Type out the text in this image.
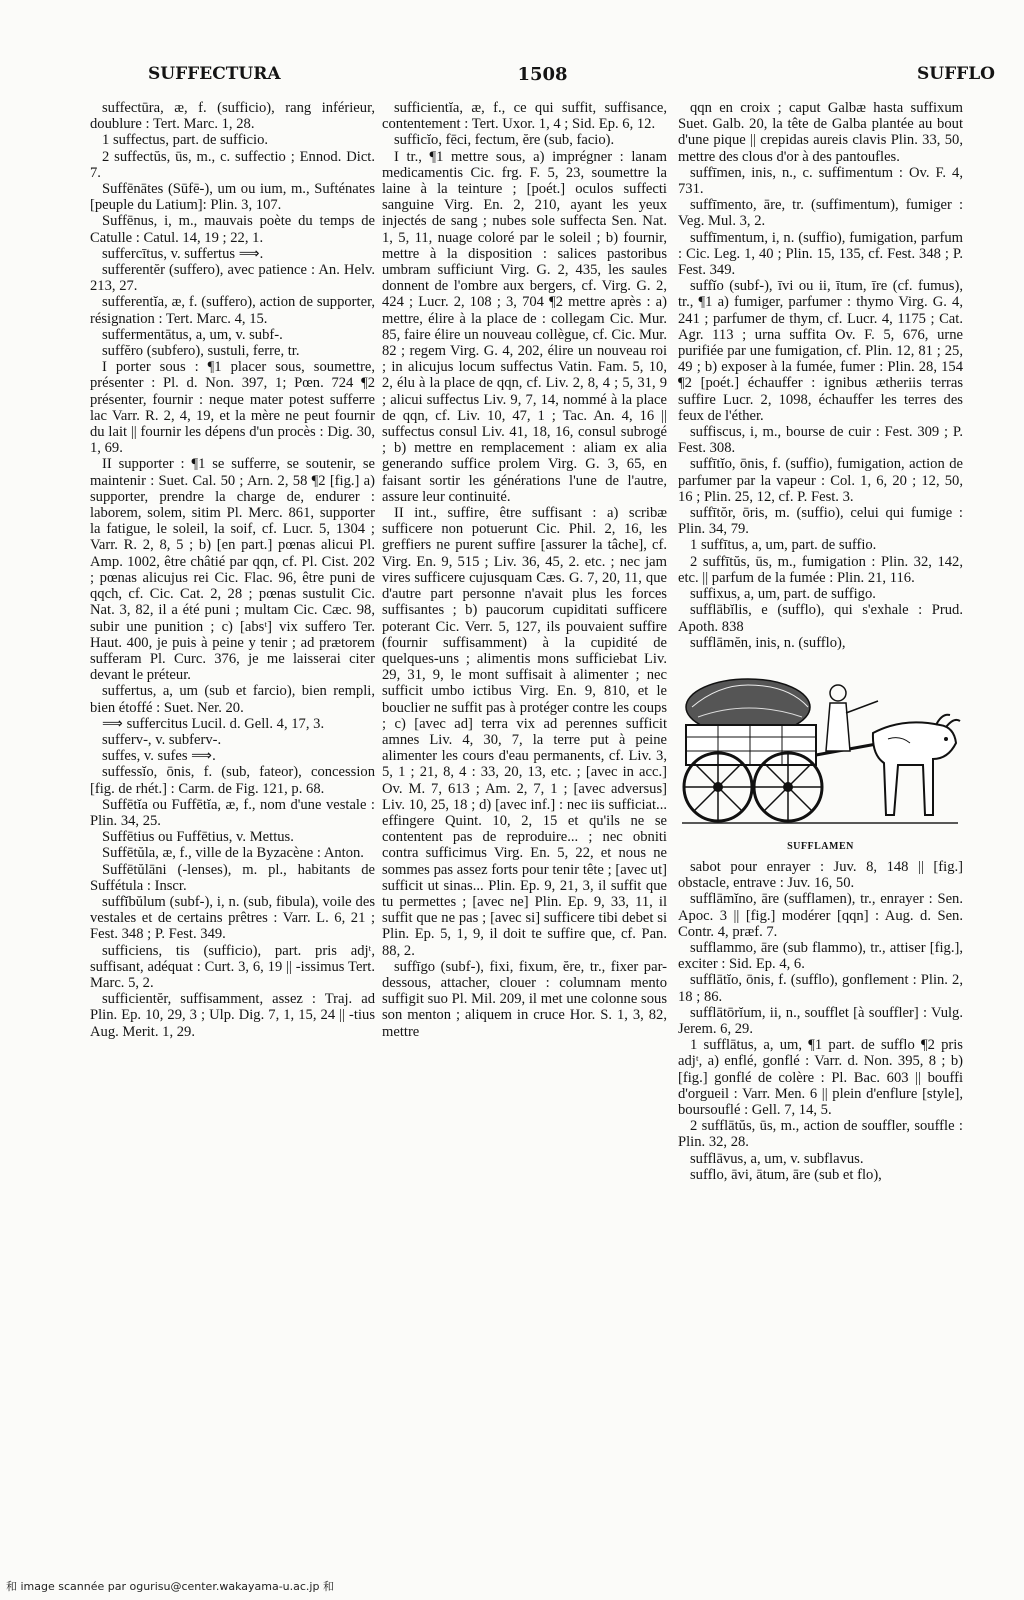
SUFFECTURA	1508	SUFFLO

suffectūra, æ, f. (sufficio), rang inférieur, doublure : Tert. Marc. 1, 28.

1 suffectus, part. de sufficio.

2 suffectŭs, ūs, m., c. suffectio ; Ennod. Dict. 7.

Suffēnātes (Sūfē-), um ou ium, m., Sufténates [peuple du Latium]: Plin. 3, 107.

Suffēnus, i, m., mauvais poète du temps de Catulle : Catul. 14, 19 ; 22, 1.

suffercītus, v. suffertus ⟹.

sufferentĕr (suffero), avec patience : An. Helv. 213, 27.

sufferentĭa, æ, f. (suffero), action de supporter, résignation : Tert. Marc. 4, 15.

suffermentātus, a, um, v. subf-.

suffĕro (subfero), sustuli, ferre, tr.

I porter sous : ¶1 placer sous, soumettre, présenter : Pl. d. Non. 397, 1; Pœn. 724 ¶2 présenter, fournir : neque mater potest sufferre lac Varr. R. 2, 4, 19, et la mère ne peut fournir du lait || fournir les dépens d'un procès : Dig. 30, 1, 69.

II supporter : ¶1 se sufferre, se soutenir, se maintenir : Suet. Cal. 50 ; Arn. 2, 58 ¶2 [fig.] a) supporter, prendre la charge de, endurer : laborem, solem, sitim Pl. Merc. 861, supporter la fatigue, le soleil, la soif, cf. Lucr. 5, 1304 ; Varr. R. 2, 8, 5 ; b) [en part.] pœnas alicui Pl. Amp. 1002, être châtié par qqn, cf. Pl. Cist. 202 ; pœnas alicujus rei Cic. Flac. 96, être puni de qqch, cf. Cic. Cat. 2, 28 ; pœnas sustulit Cic. Nat. 3, 82, il a été puni ; multam Cic. Cæc. 98, subir une punition ; c) [absᵗ] vix suffero Ter. Haut. 400, je puis à peine y tenir ; ad prætorem sufferam Pl. Curc. 376, je me laisserai citer devant le préteur.

suffertus, a, um (sub et farcio), bien rempli, bien étoffé : Suet. Ner. 20.

⟹ suffercitus Lucil. d. Gell. 4, 17, 3.

sufferv-, v. subferv-.

suffes, v. sufes ⟹.

suffessĭo, ōnis, f. (sub, fateor), concession [fig. de rhét.] : Carm. de Fig. 121, p. 68.

Suffētĭa ou Fuffētĭa, æ, f., nom d'une vestale : Plin. 34, 25.

Suffētius ou Fuffētius, v. Mettus.

Suffētŭla, æ, f., ville de la Byzacène : Anton.

Suffētŭlāni (-lenses), m. pl., habitants de Suffétula : Inscr.

suffĭbŭlum (subf-), i, n. (sub, fibula), voile des vestales et de certains prêtres : Varr. L. 6, 21 ; Fest. 348 ; P. Fest. 349.

sufficiens, tis (sufficio), part. pris adjᵗ, suffisant, adéquat : Curt. 3, 6, 19 || -issimus Tert. Marc. 5, 2.

sufficientĕr, suffisamment, assez : Traj. ad Plin. Ep. 10, 29, 3 ; Ulp. Dig. 7, 1, 15, 24 || -tius Aug. Merit. 1, 29.

sufficientĭa, æ, f., ce qui suffit, suffisance, contentement : Tert. Uxor. 1, 4 ; Sid. Ep. 6, 12.

sufficĭo, fēci, fectum, ĕre (sub, facio).

I tr., ¶1 mettre sous, a) imprégner : lanam medicamentis Cic. frg. F. 5, 23, soumettre la laine à la teinture ; [poét.] oculos suffecti sanguine Virg. En. 2, 210, ayant les yeux injectés de sang ; nubes sole suffecta Sen. Nat. 1, 5, 11, nuage coloré par le soleil ; b) fournir, mettre à la disposition : salices pastoribus umbram sufficiunt Virg. G. 2, 435, les saules donnent de l'ombre aux bergers, cf. Virg. G. 2, 424 ; Lucr. 2, 108 ; 3, 704 ¶2 mettre après : a) mettre, élire à la place de : collegam Cic. Mur. 85, faire élire un nouveau collègue, cf. Cic. Mur. 82 ; regem Virg. G. 4, 202, élire un nouveau roi ; in alicujus locum suffectus Vatin. Fam. 5, 10, 2, élu à la place de qqn, cf. Liv. 2, 8, 4 ; 5, 31, 9 ; alicui suffectus Liv. 9, 7, 14, nommé à la place de qqn, cf. Liv. 10, 47, 1 ; Tac. An. 4, 16 || suffectus consul Liv. 41, 18, 16, consul subrogé ; b) mettre en remplacement : aliam ex alia generando suffice prolem Virg. G. 3, 65, en faisant sortir les générations l'une de l'autre, assure leur continuité.

II int., suffire, être suffisant : a) scribæ sufficere non potuerunt Cic. Phil. 2, 16, les greffiers ne purent suffire [assurer la tâche], cf. Virg. En. 9, 515 ; Liv. 36, 45, 2. etc. ; nec jam vires sufficere cujusquam Cæs. G. 7, 20, 11, que d'autre part personne n'avait plus les forces suffisantes ; b) paucorum cupiditati sufficere poterant Cic. Verr. 5, 127, ils pouvaient suffire (fournir suffisamment) à la cupidité de quelques-uns ; alimentis mons sufficiebat Liv. 29, 31, 9, le mont suffisait à alimenter ; nec sufficit umbo ictibus Virg. En. 9, 810, et le bouclier ne suffit pas à protéger contre les coups ; c) [avec ad] terra vix ad perennes sufficit amnes Liv. 4, 30, 7, la terre put à peine alimenter les cours d'eau permanents, cf. Liv. 3, 5, 1 ; 21, 8, 4 : 33, 20, 13, etc. ; [avec in acc.] Ov. M. 7, 613 ; Am. 2, 7, 1 ; [avec adversus] Liv. 10, 25, 18 ; d) [avec inf.] : nec iis sufficiat... effingere Quint. 10, 2, 15 et qu'ils ne se contentent pas de reproduire... ; nec obniti contra sufficimus Virg. En. 5, 22, et nous ne sommes pas assez forts pour tenir tête ; [avec ut] sufficit ut sinas... Plin. Ep. 9, 21, 3, il suffit que tu permettes ; [avec ne] Plin. Ep. 9, 33, 11, il suffit que ne pas ; [avec si] sufficere tibi debet si Plin. Ep. 5, 1, 9, il doit te suffire que, cf. Pan. 88, 2.

suffīgo (subf-), fixi, fixum, ĕre, tr., fixer par-dessous, attacher, clouer : columnam mento suffigit suo Pl. Mil. 209, il met une colonne sous son menton ; aliquem in cruce Hor. S. 1, 3, 82, mettre

qqn en croix ; caput Galbæ hasta suffixum Suet. Galb. 20, la tête de Galba plantée au bout d'une pique || crepidas aureis clavis Plin. 33, 50, mettre des clous d'or à des pantoufles.

suffīmen, inis, n., c. suffimentum : Ov. F. 4, 731.

suffīmento, āre, tr. (suffimentum), fumiger : Veg. Mul. 3, 2.

suffīmentum, i, n. (suffio), fumigation, parfum : Cic. Leg. 1, 40 ; Plin. 15, 135, cf. Fest. 348 ; P. Fest. 349.

suffĭo (subf-), īvi ou ii, ītum, īre (cf. fumus), tr., ¶1 a) fumiger, parfumer : thymo Virg. G. 4, 241 ; parfumer de thym, cf. Lucr. 4, 1175 ; Cat. Agr. 113 ; urna suffita Ov. F. 5, 676, urne purifiée par une fumigation, cf. Plin. 12, 81 ; 25, 49 ; b) exposer à la fumée, fumer : Plin. 28, 154 ¶2 [poét.] échauffer : ignibus ætheriis terras suffire Lucr. 2, 1098, échauffer les terres des feux de l'éther.

suffiscus, i, m., bourse de cuir : Fest. 309 ; P. Fest. 308.

suffītĭo, ōnis, f. (suffio), fumigation, action de parfumer par la vapeur : Col. 1, 6, 20 ; 12, 50, 16 ; Plin. 25, 12, cf. P. Fest. 3.

suffītŏr, ōris, m. (suffio), celui qui fumige : Plin. 34, 79.

1 suffītus, a, um, part. de suffio.

2 suffītŭs, ūs, m., fumigation : Plin. 32, 142, etc. || parfum de la fumée : Plin. 21, 116.

suffixus, a, um, part. de suffigo.

sufflābĭlis, e (sufflo), qui s'exhale : Prud. Apoth. 838

sufflāmĕn, inis, n. (sufflo),

SUFFLAMEN

sabot pour enrayer : Juv. 8, 148 || [fig.] obstacle, entrave : Juv. 16, 50.

sufflāmĭno, āre (sufflamen), tr., enrayer : Sen. Apoc. 3 || [fig.] modérer [qqn] : Aug. d. Sen. Contr. 4, præf. 7.

sufflammo, āre (sub flammo), tr., attiser [fig.], exciter : Sid. Ep. 4, 6.

sufflātĭo, ōnis, f. (sufflo), gonflement : Plin. 2, 18 ; 86.

sufflātōrĭum, ii, n., soufflet [à souffler] : Vulg. Jerem. 6, 29.

1 sufflātus, a, um, ¶1 part. de sufflo ¶2 pris adjᵗ, a) enflé, gonflé : Varr. d. Non. 395, 8 ; b) [fig.] gonflé de colère : Pl. Bac. 603 || bouffi d'orgueil : Varr. Men. 6 || plein d'enflure [style], boursouflé : Gell. 7, 14, 5.

2 sufflātŭs, ūs, m., action de souffler, souffle : Plin. 32, 28.

sufflāvus, a, um, v. subflavus.

sufflo, āvi, ātum, āre (sub et flo),

和 image scannée par ogurisu@center.wakayama-u.ac.jp 和
